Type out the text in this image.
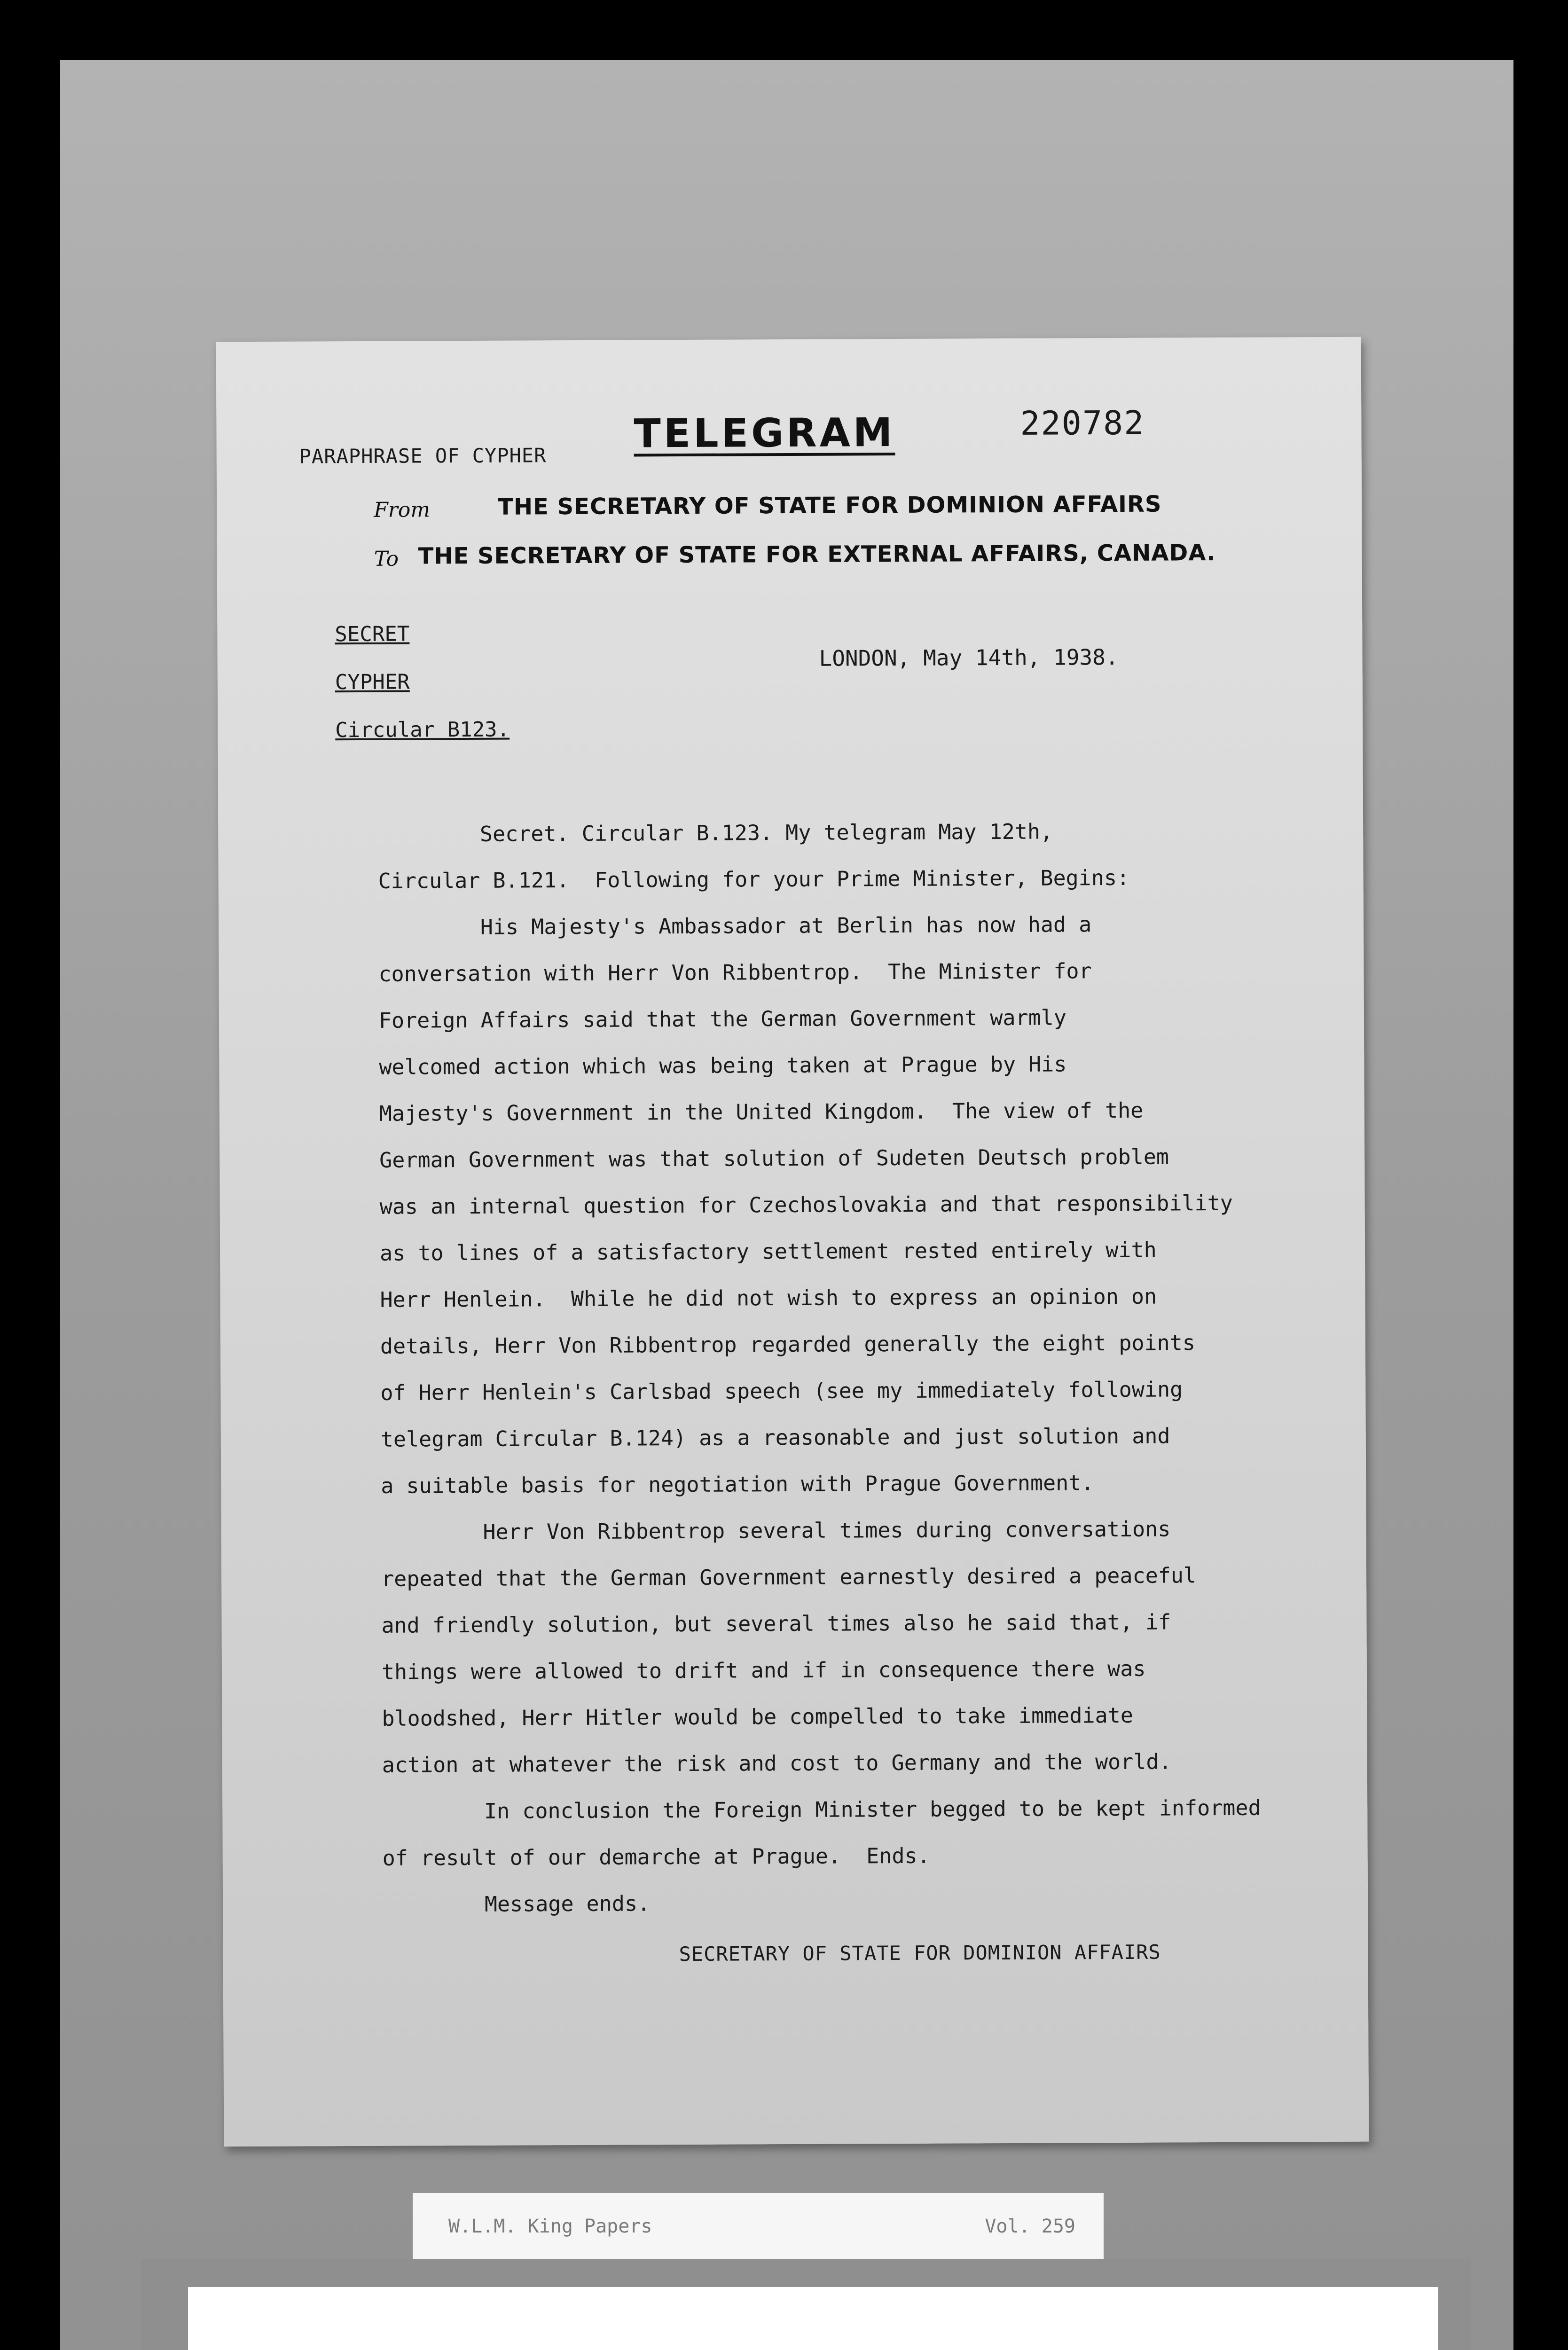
PARAPHRASE OF CYPHER TELEGRAM	220782
From	THE SECRETARY OF STATE FOR DOMINION AFFAIRS
To THE SECRETARY OF STATE FOR EXTERNAL AFFAIRS, CANADA.
SECRET
CYPHER
Circular B123.
LONDON, May 14th, 1938.
Secret. Circular B.123. My telegram May 12th,
Circular B.121.  Following for your Prime Minister, Begins:
His Majesty's Ambassador at Berlin has now had a
conversation with Herr Von Ribbentrop.  The Minister for
Foreign Affairs said that the German Government warmly
welcomed action which was being taken at Prague by His
Majesty's Government in the United Kingdom.  The view of the
German Government was that solution of Sudeten Deutsch problem
was an internal question for Czechoslovakia and that responsibility
as to lines of a satisfactory settlement rested entirely with
Herr Henlein.  While he did not wish to express an opinion on
details, Herr Von Ribbentrop regarded generally the eight points
of Herr Henlein's Carlsbad speech (see my immediately following
telegram Circular B.124) as a reasonable and just solution and
a suitable basis for negotiation with Prague Government.
Herr Von Ribbentrop several times during conversations
repeated that the German Government earnestly desired a peaceful
and friendly solution, but several times also he said that, if
things were allowed to drift and if in consequence there was
bloodshed, Herr Hitler would be compelled to take immediate
action at whatever the risk and cost to Germany and the world.
In conclusion the Foreign Minister begged to be kept informed
of result of our demarche at Prague.  Ends.
Message ends.
SECRETARY OF STATE FOR DOMINION AFFAIRS
W.L.M. King Papers	Vol. 259
